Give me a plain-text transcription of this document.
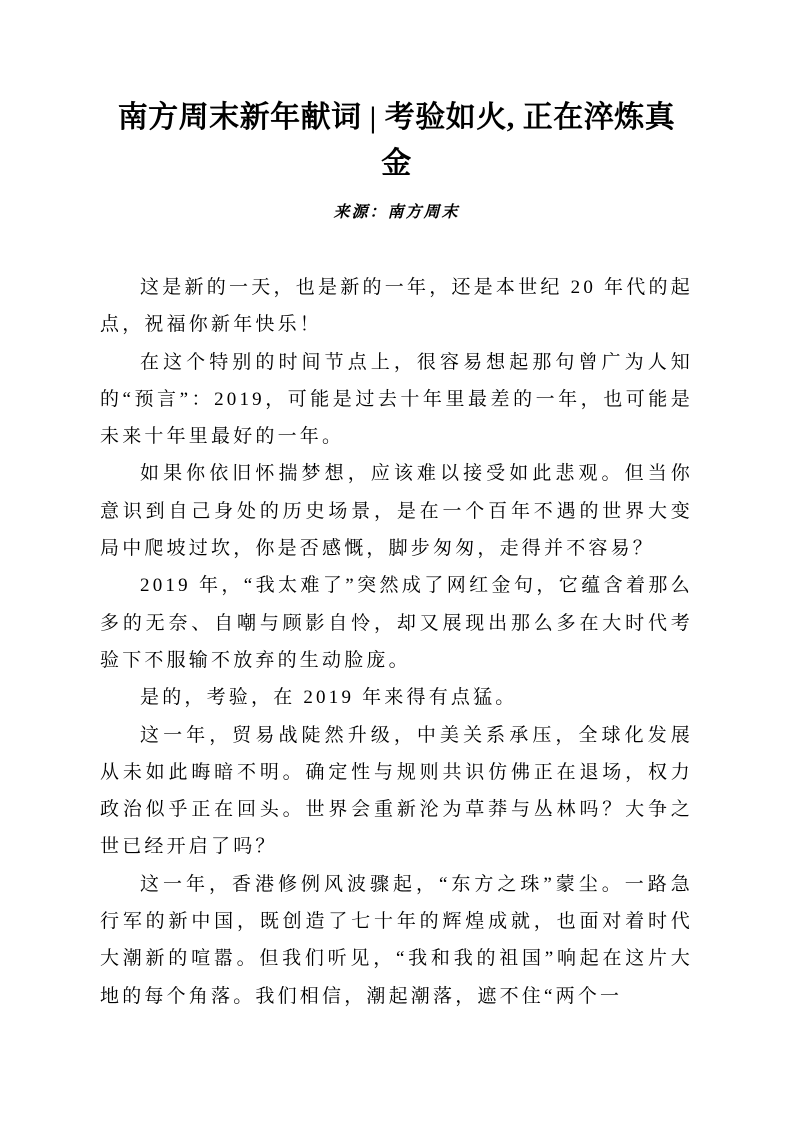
南方周末新年献词 | 考验如火, 正在淬炼真金
来源：南方周末

这是新的一天，也是新的一年，还是本世纪 20 年代的起点，祝福你新年快乐！

在这个特别的时间节点上，很容易想起那句曾广为人知的“预言”：2019，可能是过去十年里最差的一年，也可能是未来十年里最好的一年。

如果你依旧怀揣梦想，应该难以接受如此悲观。但当你意识到自己身处的历史场景，是在一个百年不遇的世界大变局中爬坡过坎，你是否感慨，脚步匆匆，走得并不容易？

2019 年，“我太难了”突然成了网红金句，它蕴含着那么多的无奈、自嘲与顾影自怜，却又展现出那么多在大时代考验下不服输不放弃的生动脸庞。

是的，考验，在 2019 年来得有点猛。

这一年，贸易战陡然升级，中美关系承压，全球化发展从未如此晦暗不明。确定性与规则共识仿佛正在退场，权力政治似乎正在回头。世界会重新沦为草莽与丛林吗？大争之世已经开启了吗？

这一年，香港修例风波骤起，“东方之珠”蒙尘。一路急行军的新中国，既创造了七十年的辉煌成就，也面对着时代大潮新的喧嚣。但我们听见，“我和我的祖国”响起在这片大地的每个角落。我们相信，潮起潮落，遮不住“两个一
